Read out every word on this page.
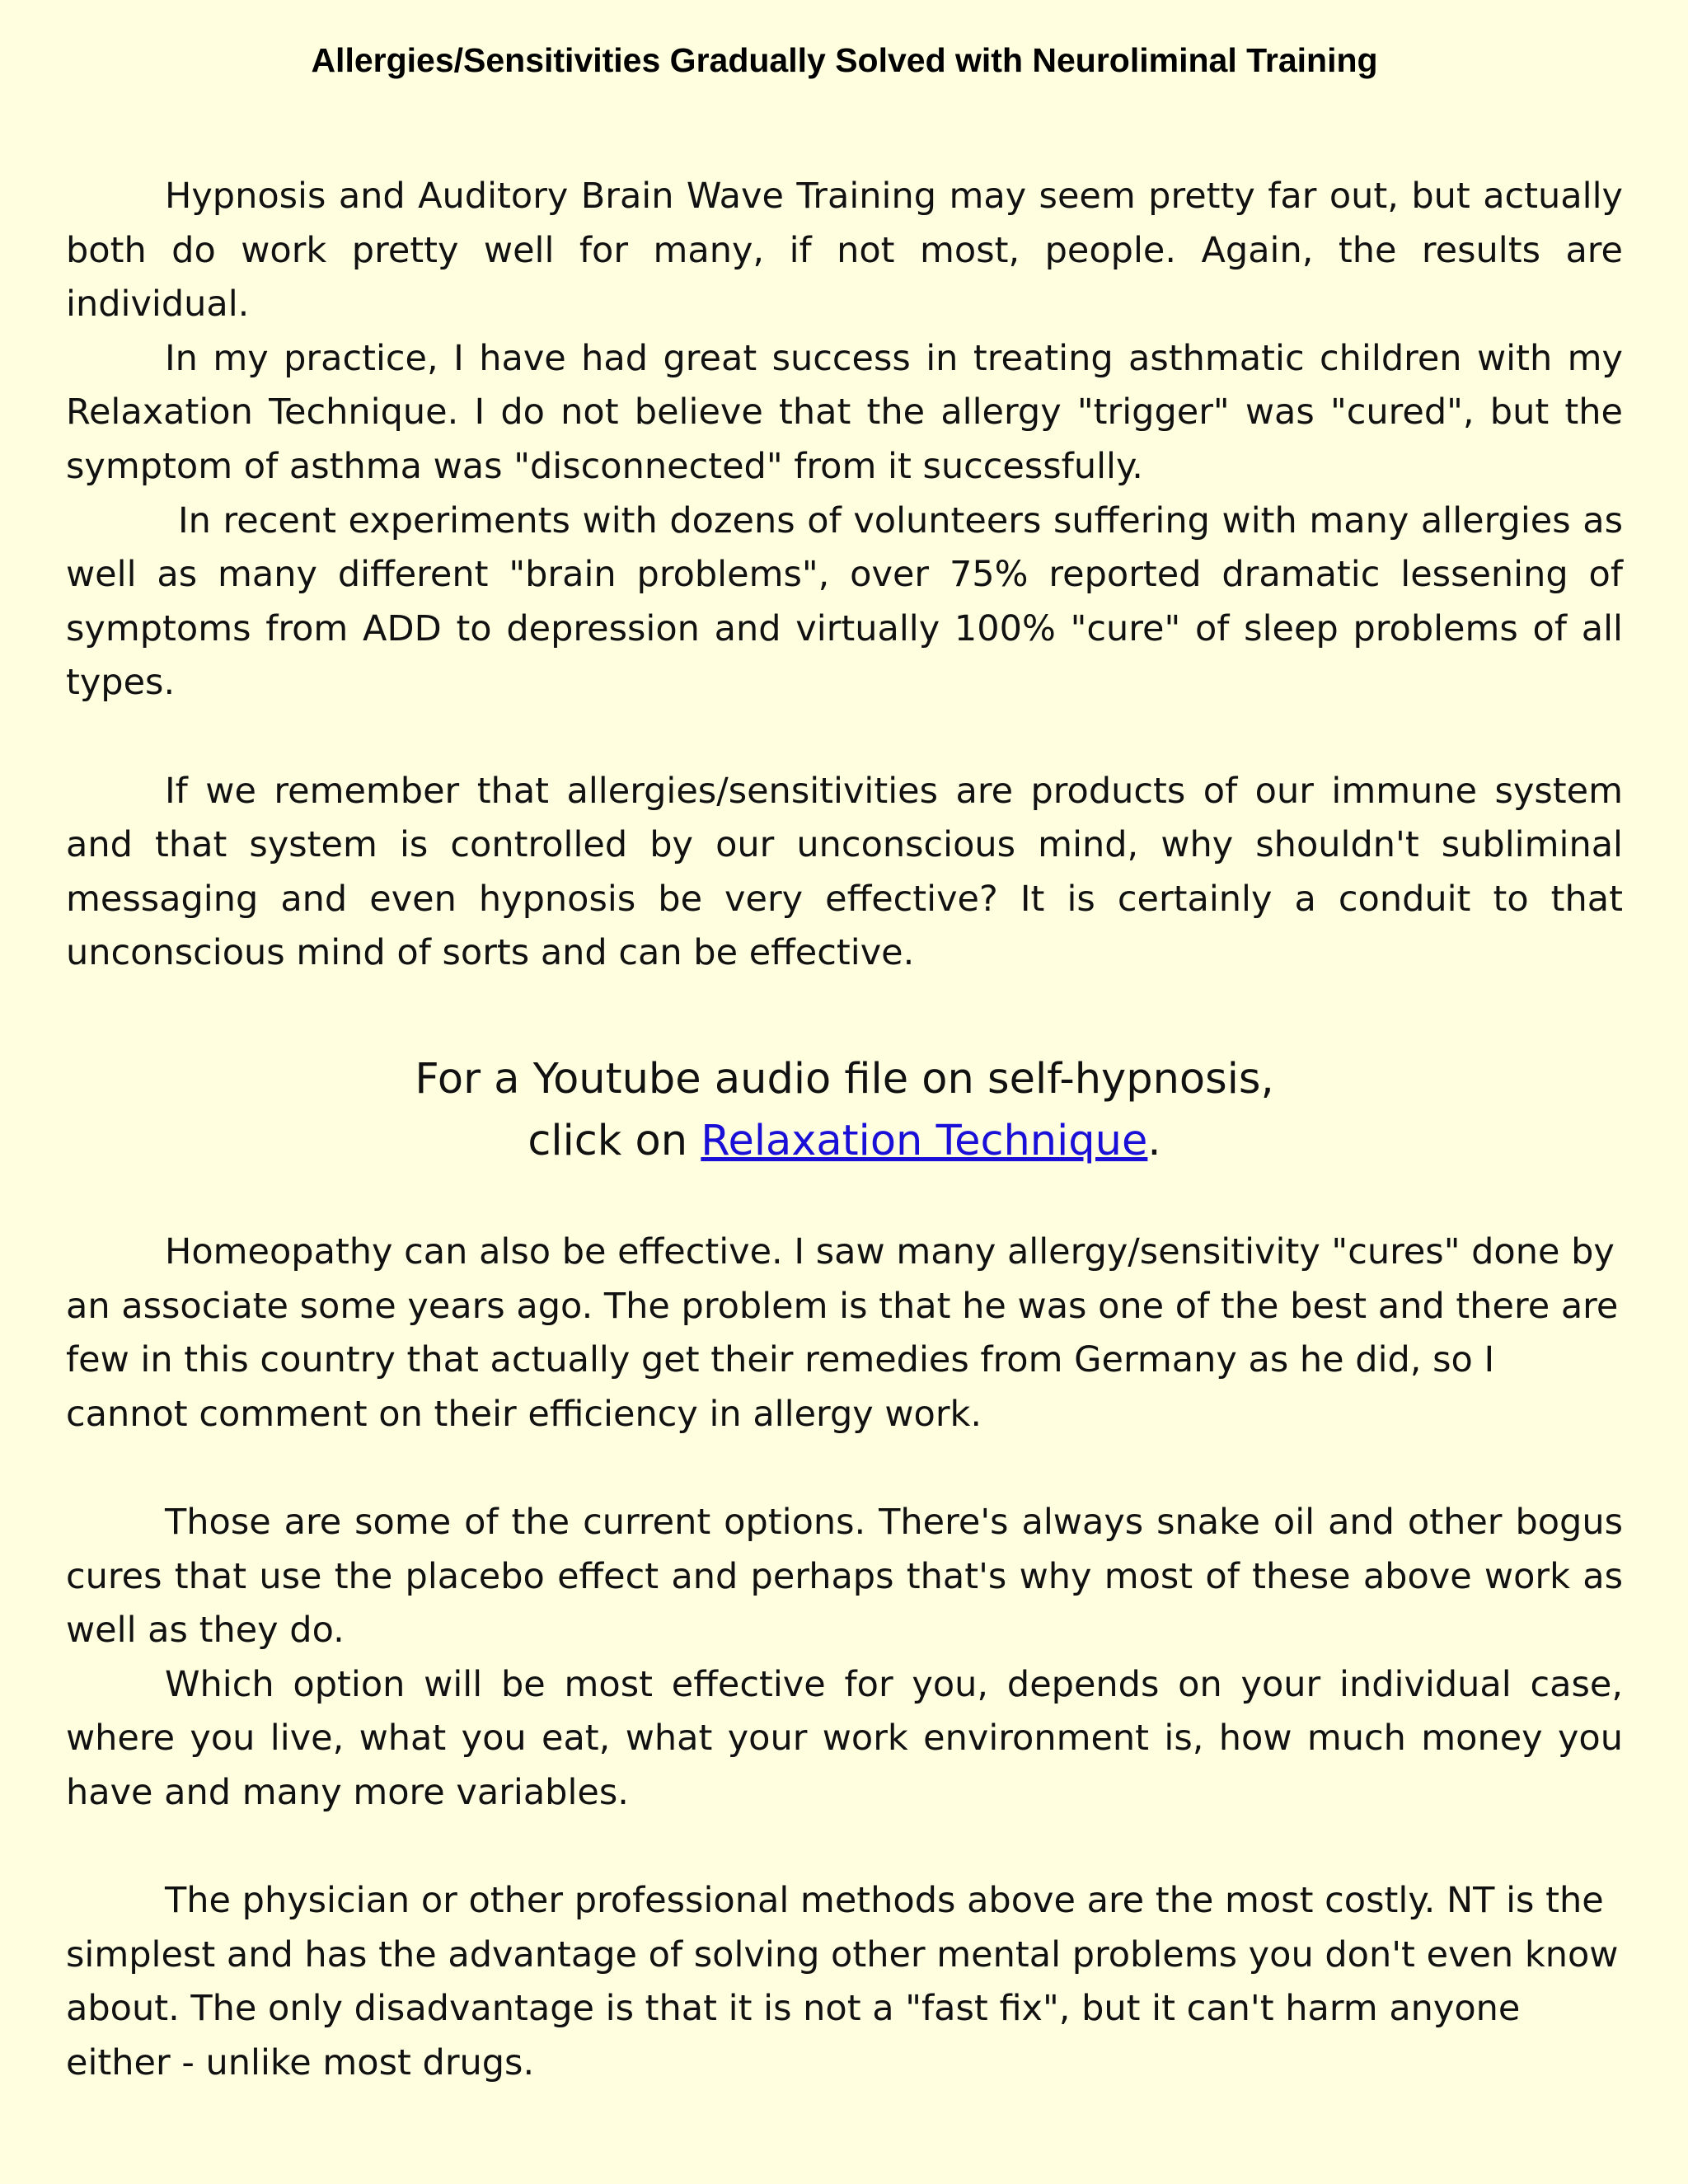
Allergies/Sensitivities Gradually Solved with Neuroliminal Training

Hypnosis and Auditory Brain Wave Training may seem pretty far out, but actually both do work pretty well for many, if not most, people. Again, the results are individual.

In my practice, I have had great success in treating asthmatic children with my Relaxation Technique. I do not believe that the allergy "trigger" was "cured", but the symptom of asthma was "disconnected" from it successfully.

In recent experiments with dozens of volunteers suffering with many allergies as well as many different "brain problems", over 75% reported dramatic lessening of symptoms from ADD to depression and virtually 100% "cure" of sleep problems of all types.

If we remember that allergies/sensitivities are products of our immune system and that system is controlled by our unconscious mind, why shouldn't subliminal messaging and even hypnosis be very effective? It is certainly a conduit to that unconscious mind of sorts and can be effective.

For a Youtube audio file on self-hypnosis,
click on Relaxation Technique.

Homeopathy can also be effective. I saw many allergy/sensitivity "cures" done by an associate some years ago. The problem is that he was one of the best and there are few in this country that actually get their remedies from Germany as he did, so I cannot comment on their efficiency in allergy work.

Those are some of the current options. There's always snake oil and other bogus cures that use the placebo effect and perhaps that's why most of these above work as well as they do.

Which option will be most effective for you, depends on your individual case, where you live, what you eat, what your work environment is, how much money you have and many more variables.

The physician or other professional methods above are the most costly. NT is the simplest and has the advantage of solving other mental problems you don't even know about. The only disadvantage is that it is not a "fast fix", but it can't harm anyone either - unlike most drugs.
